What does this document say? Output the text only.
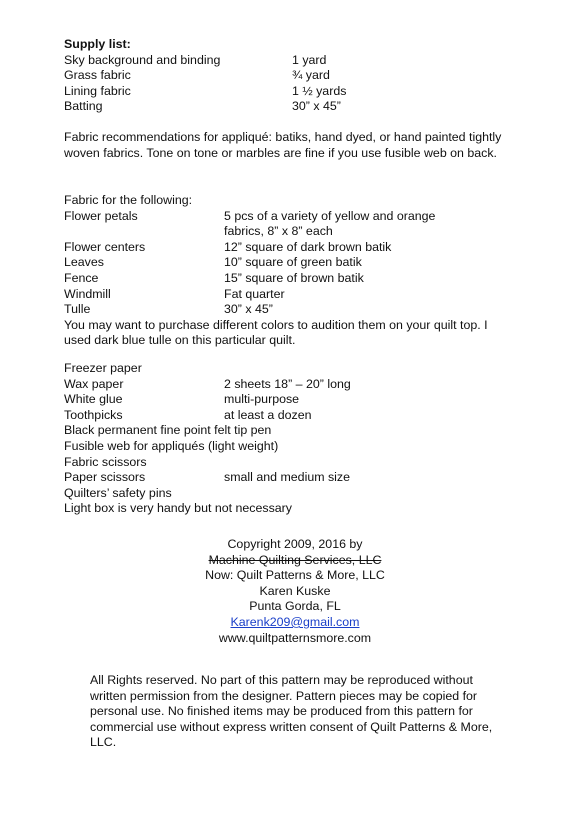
Supply list:
Sky background and binding	1 yard
Grass fabric	¾ yard
Lining fabric	1 ½ yards
Batting	30” x 45”
Fabric recommendations for appliqué: batiks, hand dyed, or hand painted tightly woven fabrics. Tone on tone or marbles are fine if you use fusible web on back.
Fabric for the following:
Flower petals	5 pcs of a variety of yellow and orange
fabrics, 8” x 8” each
Flower centers	12” square of dark brown batik
Leaves	10” square of green batik
Fence	15” square of brown batik
Windmill	Fat quarter
Tulle	30” x 45”
You may want to purchase different colors to audition them on your quilt top. I used dark blue tulle on this particular quilt.
Freezer paper
Wax paper	2 sheets 18” – 20” long
White glue	multi-purpose
Toothpicks	at least a dozen
Black permanent fine point felt tip pen
Fusible web for appliqués (light weight)
Fabric scissors
Paper scissors	small and medium size
Quilters’ safety pins
Light box is very handy but not necessary
Copyright 2009, 2016 by
Machine Quilting Services, LLC
Now: Quilt Patterns & More, LLC
Karen Kuske
Punta Gorda, FL
Karenk209@gmail.com
www.quiltpatternsmore.com
All Rights reserved. No part of this pattern may be reproduced without written permission from the designer. Pattern pieces may be copied for personal use. No finished items may be produced from this pattern for commercial use without express written consent of Quilt Patterns & More, LLC.
